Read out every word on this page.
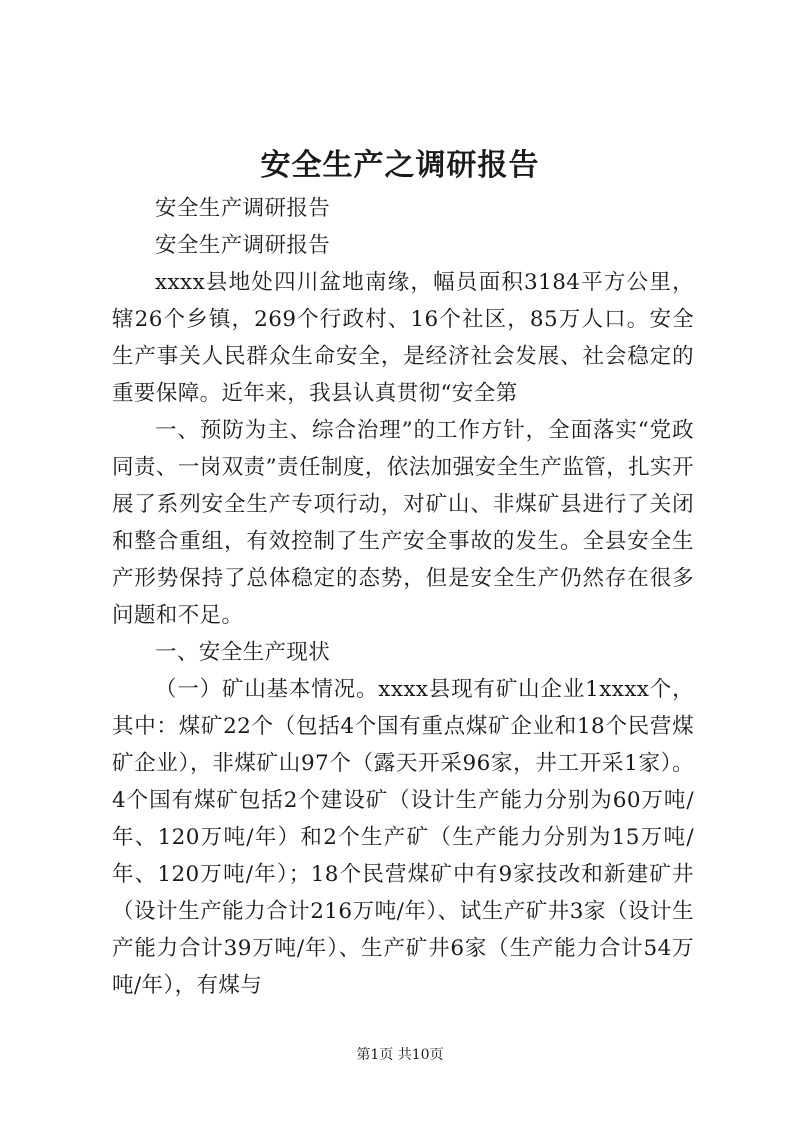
安全生产之调研报告

安全生产调研报告

安全生产调研报告

xxxx县地处四川盆地南缘，幅员面积3184平方公里，辖26个乡镇，269个行政村、16个社区，85万人口。安全生产事关人民群众生命安全，是经济社会发展、社会稳定的重要保障。近年来，我县认真贯彻“安全第

一、预防为主、综合治理”的工作方针，全面落实“党政同责、一岗双责”责任制度，依法加强安全生产监管，扎实开展了系列安全生产专项行动，对矿山、非煤矿县进行了关闭和整合重组，有效控制了生产安全事故的发生。全县安全生产形势保持了总体稳定的态势，但是安全生产仍然存在很多问题和不足。

一、安全生产现状

（一）矿山基本情况。xxxx县现有矿山企业1xxxx个，其中：煤矿22个（包括4个国有重点煤矿企业和18个民营煤矿企业），非煤矿山97个（露天开采96家，井工开采1家）。4个国有煤矿包括2个建设矿（设计生产能力分别为60万吨/年、120万吨/年）和2个生产矿（生产能力分别为15万吨/年、120万吨/年）；18个民营煤矿中有9家技改和新建矿井（设计生产能力合计216万吨/年）、试生产矿井3家（设计生产能力合计39万吨/年）、生产矿井6家（生产能力合计54万吨/年），有煤与

第1页 共10页
